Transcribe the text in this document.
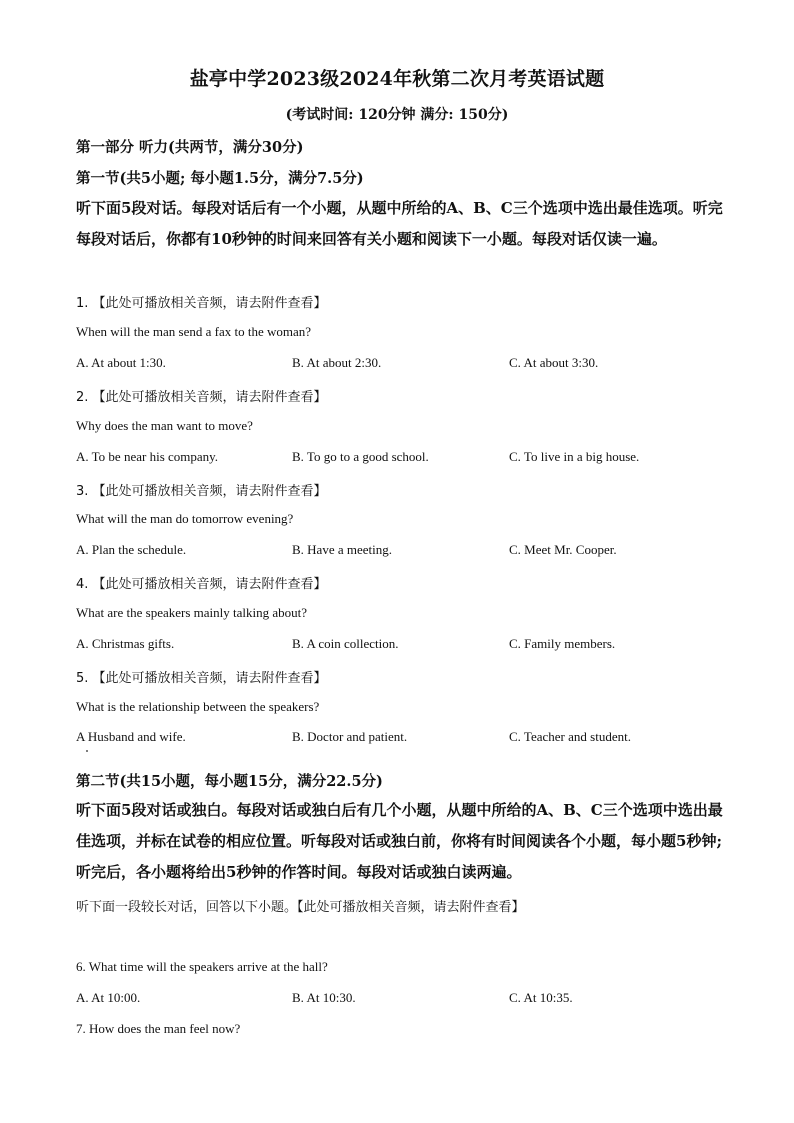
盐亭中学2023级2024年秋第二次月考英语试题
(考试时间: 120分钟 满分: 150分)
第一部分 听力(共两节，满分30分)
第一节(共5小题; 每小题1.5分，满分7.5分)
听下面5段对话。每段对话后有一个小题，从题中所给的A、B、C三个选项中选出最佳选项。听完每段对话后，你都有10秒钟的时间来回答有关小题和阅读下一小题。每段对话仅读一遍。
1. 【此处可播放相关音频，请去附件查看】
When will the man send a fax to the woman?
A. At about 1:30.	B. At about 2:30.	C. At about 3:30.
2. 【此处可播放相关音频，请去附件查看】
Why does the man want to move?
A. To be near his company.	B. To go to a good school.	C. To live in a big house.
3. 【此处可播放相关音频，请去附件查看】
What will the man do tomorrow evening?
A. Plan the schedule.	B. Have a meeting.	C. Meet Mr. Cooper.
4. 【此处可播放相关音频，请去附件查看】
What are the speakers mainly talking about?
A. Christmas gifts.	B. A coin collection.	C. Family members.
5. 【此处可播放相关音频，请去附件查看】
What is the relationship between the speakers?
A Husband and wife.	B. Doctor and patient.	C. Teacher and student.
第二节(共15小题，每小题15分，满分22.5分)
听下面5段对话或独白。每段对话或独白后有几个小题，从题中所给的A、B、C三个选项中选出最佳选项，并标在试卷的相应位置。听每段对话或独白前，你将有时间阅读各个小题，每小题5秒钟;听完后，各小题将给出5秒钟的作答时间。每段对话或独白读两遍。
听下面一段较长对话，回答以下小题。【此处可播放相关音频，请去附件查看】
6. What time will the speakers arrive at the hall?
A. At 10:00.	B. At 10:30.	C. At 10:35.
7. How does the man feel now?
